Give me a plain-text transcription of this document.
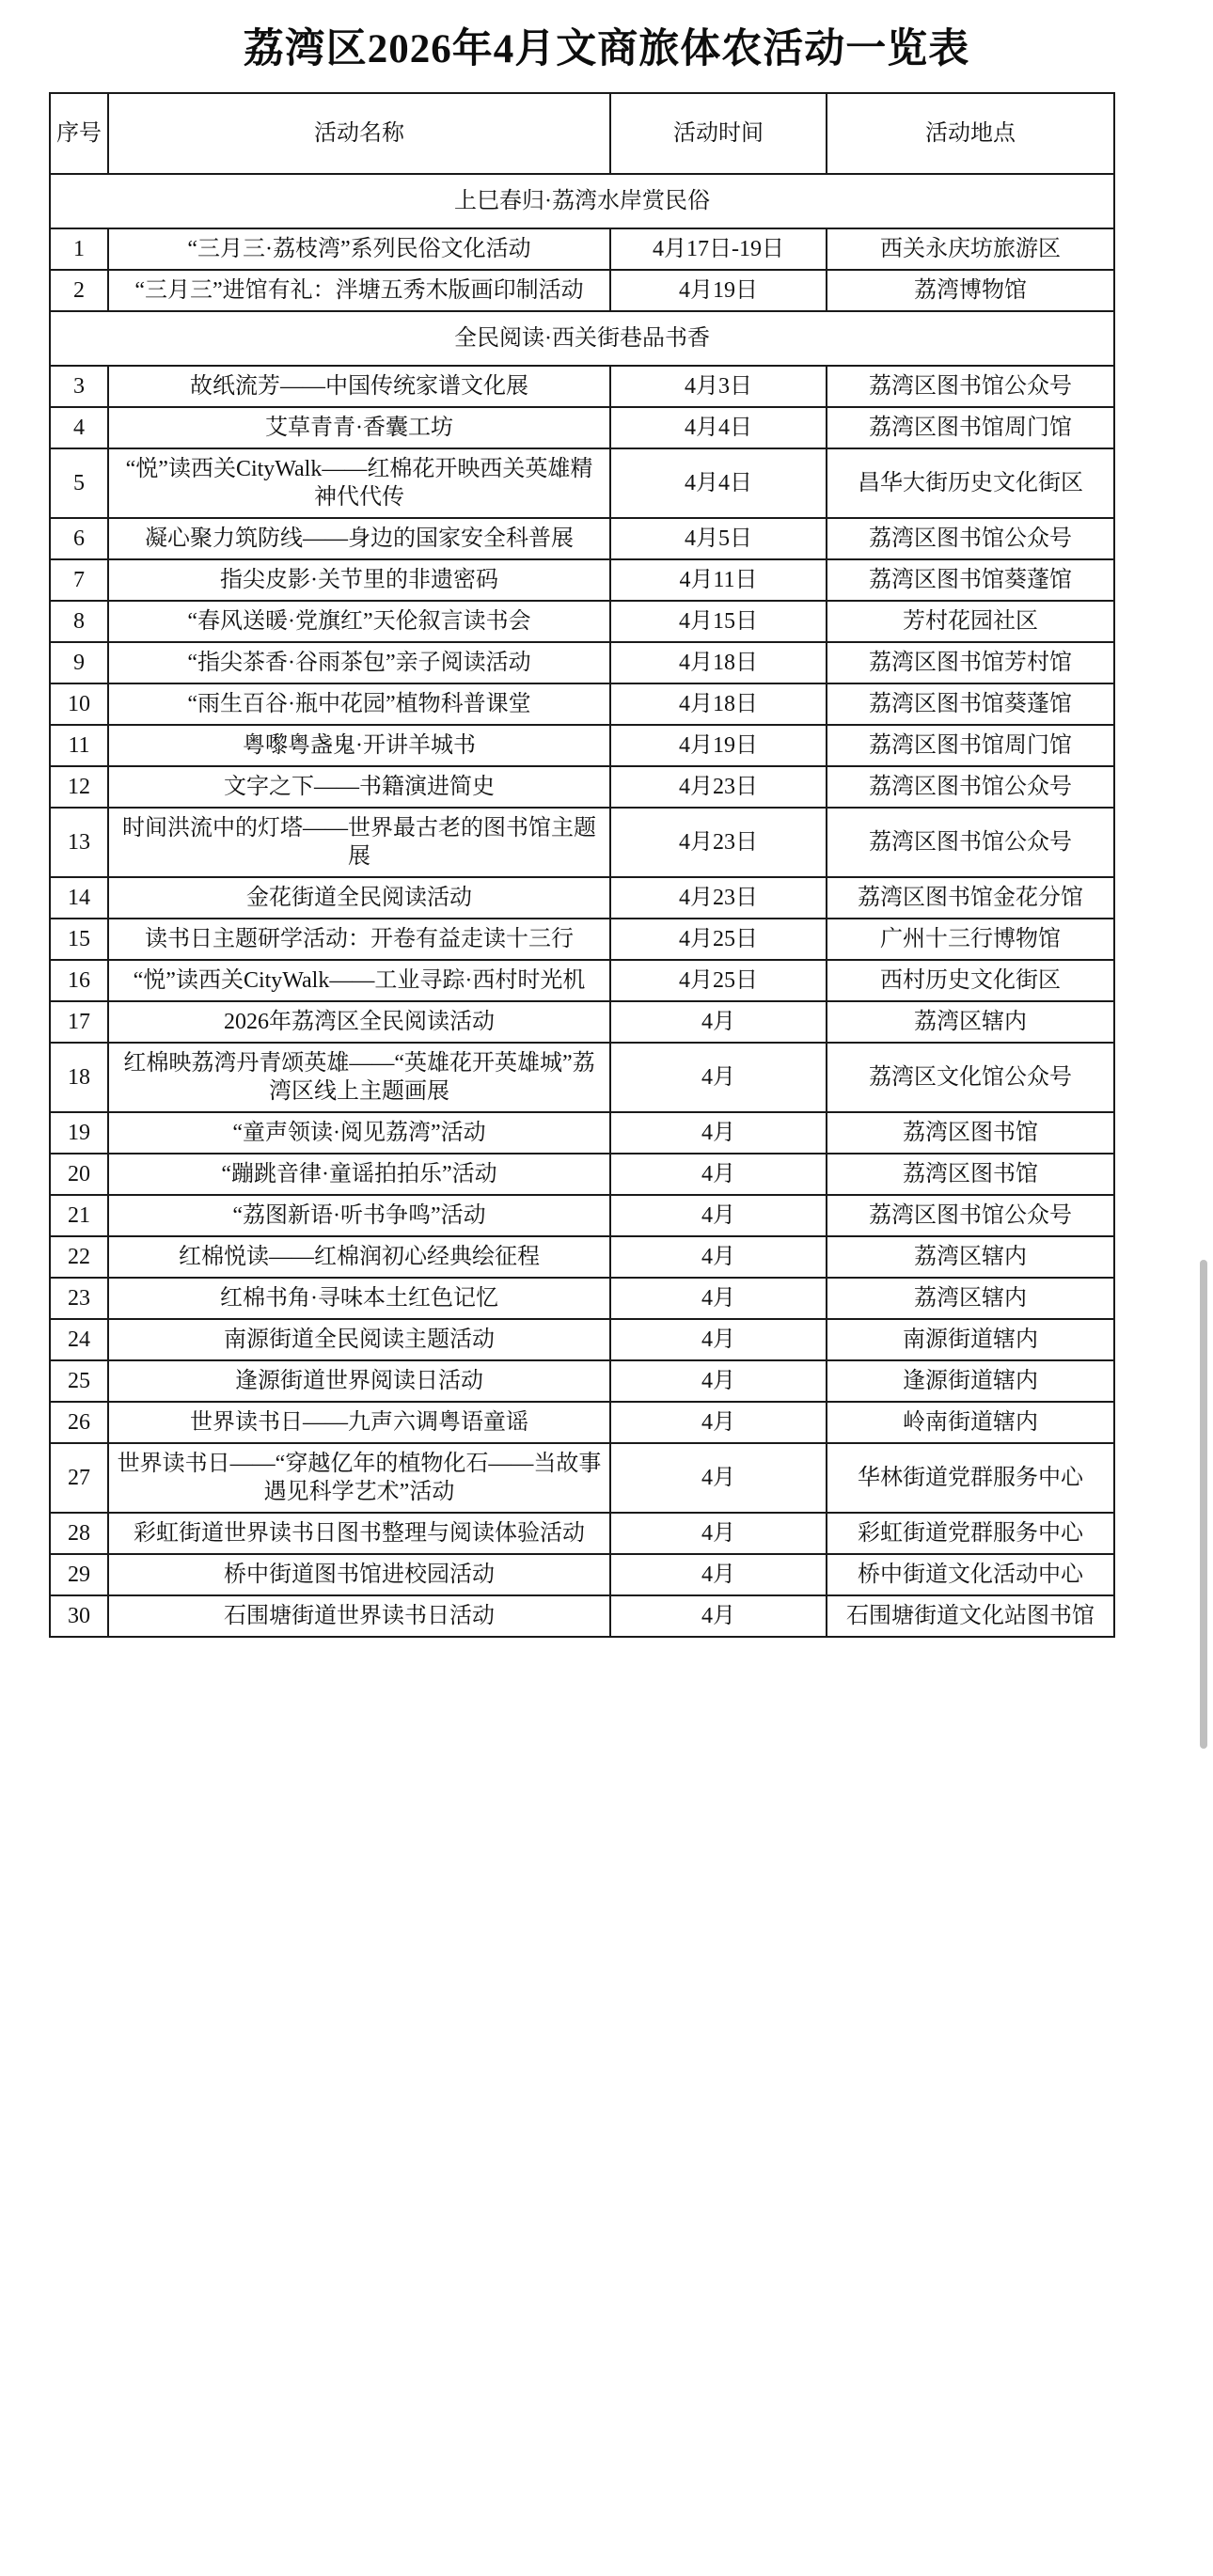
荔湾区2026年4月文商旅体农活动一览表
序号	活动名称	活动时间	活动地点
上巳春归·荔湾水岸赏民俗			
1	“三月三·荔枝湾”系列民俗文化活动	4月17日-19日	西关永庆坊旅游区
2	“三月三”进馆有礼：泮塘五秀木版画印制活动	4月19日	荔湾博物馆
全民阅读·西关街巷品书香			
3	故纸流芳——中国传统家谱文化展	4月3日	荔湾区图书馆公众号
4	艾草青青·香囊工坊	4月4日	荔湾区图书馆周门馆
5	“悦”读西关CityWalk——红棉花开映西关英雄精神代代传	4月4日	昌华大街历史文化街区
6	凝心聚力筑防线——身边的国家安全科普展	4月5日	荔湾区图书馆公众号
7	指尖皮影·关节里的非遗密码	4月11日	荔湾区图书馆葵蓬馆
8	“春风送暖·党旗红”天伦叙言读书会	4月15日	芳村花园社区
9	“指尖茶香·谷雨茶包”亲子阅读活动	4月18日	荔湾区图书馆芳村馆
10	“雨生百谷·瓶中花园”植物科普课堂	4月18日	荔湾区图书馆葵蓬馆
11	粤嚟粤盏鬼·开讲羊城书	4月19日	荔湾区图书馆周门馆
12	文字之下——书籍演进简史	4月23日	荔湾区图书馆公众号
13	时间洪流中的灯塔——世界最古老的图书馆主题展	4月23日	荔湾区图书馆公众号
14	金花街道全民阅读活动	4月23日	荔湾区图书馆金花分馆
15	读书日主题研学活动：开卷有益走读十三行	4月25日	广州十三行博物馆
16	“悦”读西关CityWalk——工业寻踪·西村时光机	4月25日	西村历史文化街区
17	2026年荔湾区全民阅读活动	4月	荔湾区辖内
18	红棉映荔湾丹青颂英雄——“英雄花开英雄城”荔湾区线上主题画展	4月	荔湾区文化馆公众号
19	“童声领读·阅见荔湾”活动	4月	荔湾区图书馆
20	“蹦跳音律·童谣拍拍乐”活动	4月	荔湾区图书馆
21	“荔图新语·听书争鸣”活动	4月	荔湾区图书馆公众号
22	红棉悦读——红棉润初心经典绘征程	4月	荔湾区辖内
23	红棉书角·寻味本土红色记忆	4月	荔湾区辖内
24	南源街道全民阅读主题活动	4月	南源街道辖内
25	逢源街道世界阅读日活动	4月	逢源街道辖内
26	世界读书日——九声六调粤语童谣	4月	岭南街道辖内
27	世界读书日——“穿越亿年的植物化石——当故事遇见科学艺术”活动	4月	华林街道党群服务中心
28	彩虹街道世界读书日图书整理与阅读体验活动	4月	彩虹街道党群服务中心
29	桥中街道图书馆进校园活动	4月	桥中街道文化活动中心
30	石围塘街道世界读书日活动	4月	石围塘街道文化站图书馆
